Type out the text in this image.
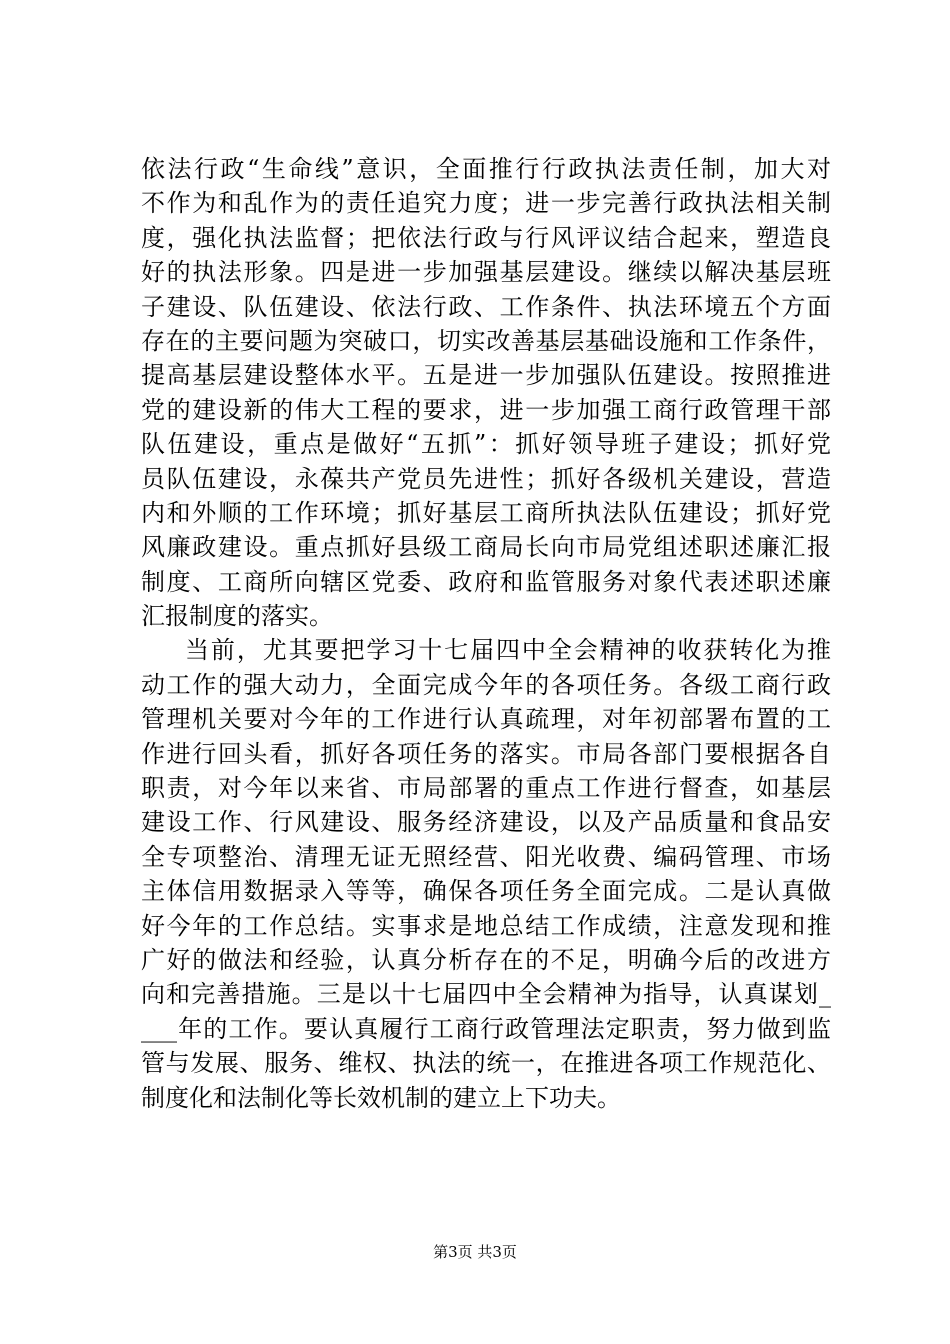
依法行政“生命线”意识，全面推行行政执法责任制，加大对
不作为和乱作为的责任追究力度；进一步完善行政执法相关制
度，强化执法监督；把依法行政与行风评议结合起来，塑造良
好的执法形象。四是进一步加强基层建设。继续以解决基层班
子建设、队伍建设、依法行政、工作条件、执法环境五个方面
存在的主要问题为突破口，切实改善基层基础设施和工作条件，
提高基层建设整体水平。五是进一步加强队伍建设。按照推进
党的建设新的伟大工程的要求，进一步加强工商行政管理干部
队伍建设，重点是做好“五抓”：抓好领导班子建设；抓好党
员队伍建设，永葆共产党员先进性；抓好各级机关建设，营造
内和外顺的工作环境；抓好基层工商所执法队伍建设；抓好党
风廉政建设。重点抓好县级工商局长向市局党组述职述廉汇报
制度、工商所向辖区党委、政府和监管服务对象代表述职述廉
汇报制度的落实。
当前，尤其要把学习十七届四中全会精神的收获转化为推
动工作的强大动力，全面完成今年的各项任务。各级工商行政
管理机关要对今年的工作进行认真疏理，对年初部署布置的工
作进行回头看，抓好各项任务的落实。市局各部门要根据各自
职责，对今年以来省、市局部署的重点工作进行督查，如基层
建设工作、行风建设、服务经济建设，以及产品质量和食品安
全专项整治、清理无证无照经营、阳光收费、编码管理、市场
主体信用数据录入等等，确保各项任务全面完成。二是认真做
好今年的工作总结。实事求是地总结工作成绩，注意发现和推
广好的做法和经验，认真分析存在的不足，明确今后的改进方
向和完善措施。三是以十七届四中全会精神为指导，认真谋划_
___年的工作。要认真履行工商行政管理法定职责，努力做到监
管与发展、服务、维权、执法的统一，在推进各项工作规范化、
制度化和法制化等长效机制的建立上下功夫。
第3页 共3页
